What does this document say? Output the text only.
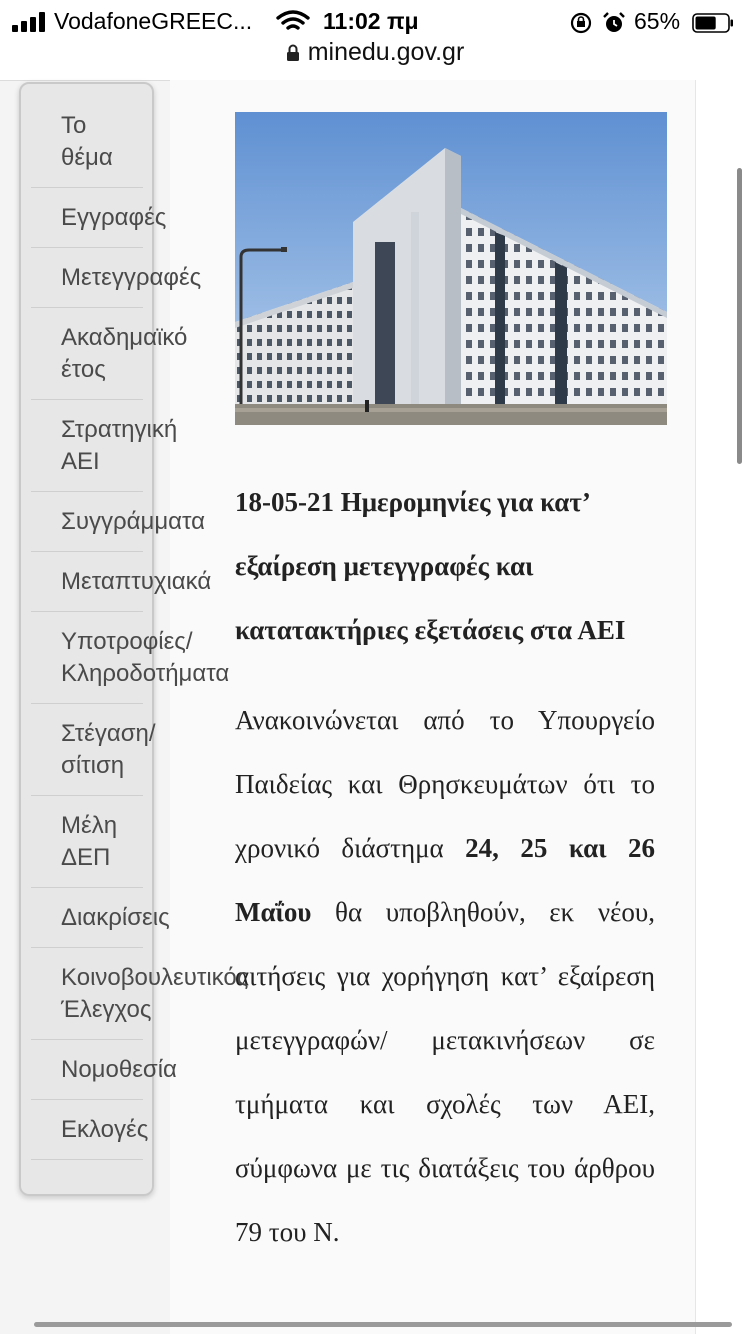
VodafoneGREEC...	11:02 πμ	65%
minedu.gov.gr
18-05-21 Ημερομηνίες για κατ’ εξαίρεση μετεγγραφές και κατατακτήριες εξετάσεις στα ΑΕΙ

Ανακοινώνεται από το Υπουργείο Παιδείας και Θρησκευμάτων ότι το χρονικό διάστημα 24, 25 και 26 Μαΐου θα υποβληθούν, εκ νέου, αιτήσεις για χορήγηση κατ’ εξαίρεση μετεγγραφών/ μετακινήσεων σε τμήματα και σχολές των ΑΕΙ, σύμφωνα με τις διατάξεις του άρθρου 79 του Ν.

Το
θέμα
Εγγραφές
Μετεγγραφές
Ακαδημαϊκό
έτος
Στρατηγική
ΑΕΙ
Συγγράμματα
Μεταπτυχιακά
Υποτροφίες/
Κληροδοτήματα
Στέγαση/
σίτιση
Μέλη
ΔΕΠ
Διακρίσεις
Κοινοβουλευτικός
Έλεγχος
Νομοθεσία
Εκλογές
